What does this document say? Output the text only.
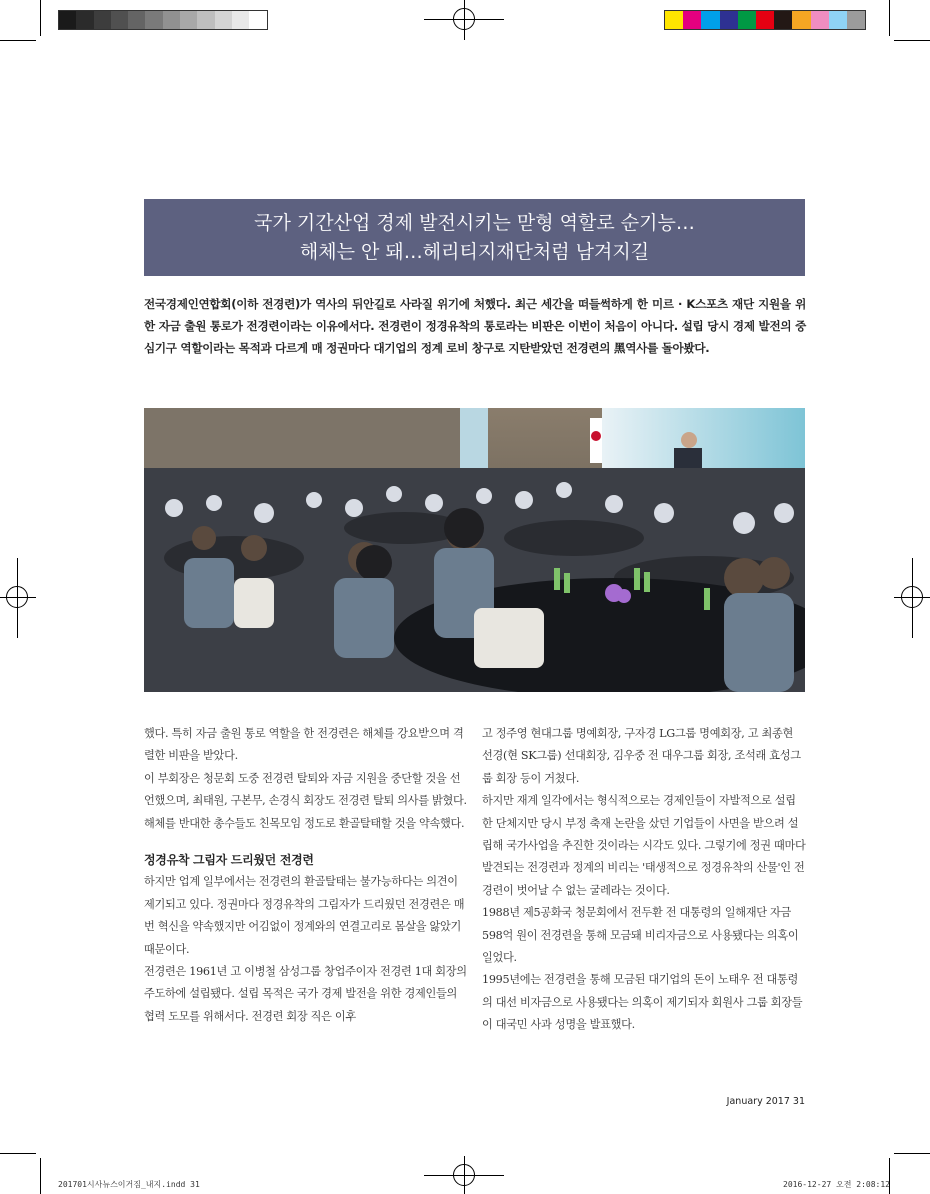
국가 기간산업 경제 발전시키는 맏형 역할로 순기능…
해체는 안 돼…헤리티지재단처럼 남겨지길
전국경제인연합회(이하 전경련)가 역사의 뒤안길로 사라질 위기에 처했다. 최근 세간을 떠들썩하게 한 미르 · K스포츠 재단 지원을 위한 자금 출원 통로가 전경련이라는 이유에서다. 전경련이 정경유착의 통로라는 비판은 이번이 처음이 아니다. 설립 당시 경제 발전의 중심기구 역할이라는 목적과 다르게 매 정권마다 대기업의 정계 로비 창구로 지탄받았던 전경련의 黑역사를 돌아봤다.

했다. 특히 자금 출원 통로 역할을 한 전경련은 해체를 강요받으며 격렬한 비판을 받았다.

이 부회장은 청문회 도중 전경련 탈퇴와 자금 지원을 중단할 것을 선언했으며, 최태원, 구본무, 손경식 회장도 전경련 탈퇴 의사를 밝혔다. 해체를 반대한 총수들도 친목모임 정도로 환골탈태할 것을 약속했다.

정경유착 그림자 드리웠던 전경련

하지만 업계 일부에서는 전경련의 환골탈태는 불가능하다는 의견이 제기되고 있다. 정권마다 정경유착의 그림자가 드리웠던 전경련은 매번 혁신을 약속했지만 어김없이 정계와의 연결고리로 몸살을 앓았기 때문이다.

전경련은 1961년 고 이병철 삼성그룹 창업주이자 전경련 1대 회장의 주도하에 설립됐다. 설립 목적은 국가 경제 발전을 위한 경제인들의 협력 도모를 위해서다. 전경련 회장 직은 이후

고 정주영 현대그룹 명예회장, 구자경 LG그룹 명예회장, 고 최종현 선경(현 SK그룹) 선대회장, 김우중 전 대우그룹 회장, 조석래 효성그룹 회장 등이 거쳤다.

하지만 재계 일각에서는 형식적으로는 경제인들이 자발적으로 설립한 단체지만 당시 부정 축재 논란을 샀던 기업들이 사면을 받으려 설립해 국가사업을 추진한 것이라는 시각도 있다. 그렇기에 정권 때마다 발견되는 전경련과 정계의 비리는 '태생적으로 정경유착의 산물'인 전경련이 벗어날 수 없는 굴레라는 것이다.

1988년 제5공화국 청문회에서 전두환 전 대통령의 일해재단 자금 598억 원이 전경련을 통해 모금돼 비리자금으로 사용됐다는 의혹이 일었다.

1995년에는 전경련을 통해 모금된 대기업의 돈이 노태우 전 대통령의 대선 비자금으로 사용됐다는 의혹이 제기되자 회원사 그룹 회장들이 대국민 사과 성명을 발표했다.

January 2017 31
201701시사뉴스이거짐_내지.indd 31	2016-12-27 오전 2:08:12
